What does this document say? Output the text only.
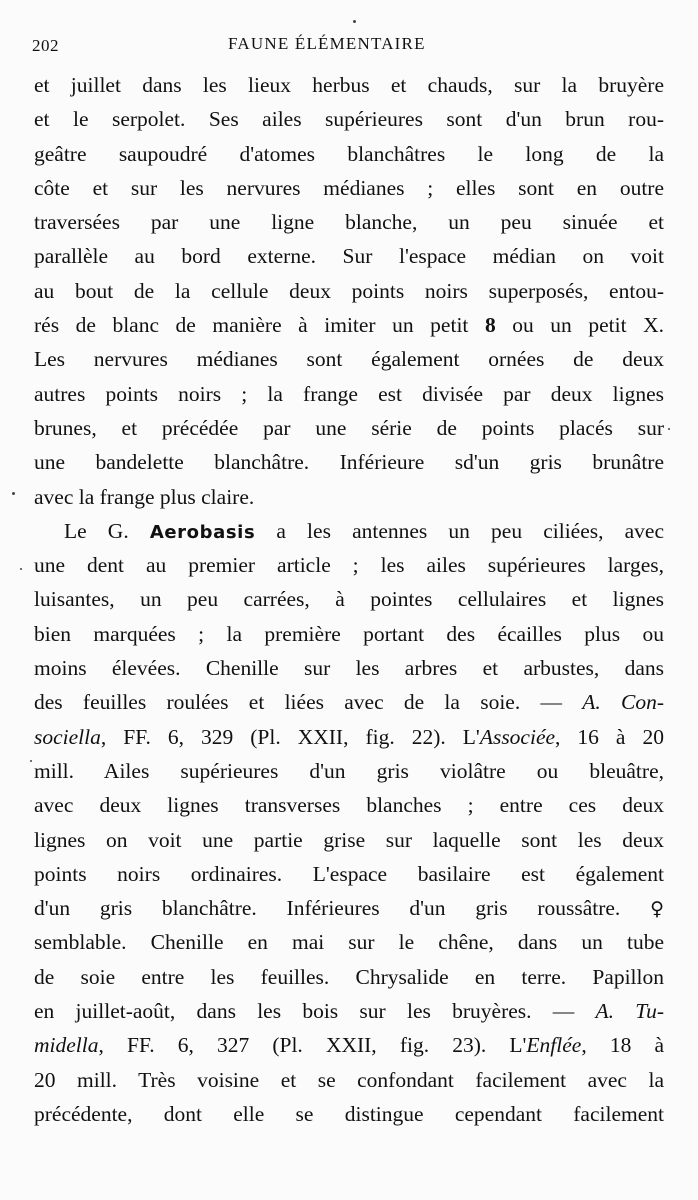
202	FAUNE ÉLÉMENTAIRE
et juillet dans les lieux herbus et chauds, sur la bruyère
et le serpolet. Ses ailes supérieures sont d'un brun rou-
geâtre saupoudré d'atomes blanchâtres le long de la
côte et sur les nervures médianes ; elles sont en outre
traversées par une ligne blanche, un peu sinuée et
parallèle au bord externe. Sur l'espace médian on voit
au bout de la cellule deux points noirs superposés, entou-
rés de blanc de manière à imiter un petit 8 ou un petit X.
Les nervures médianes sont également ornées de deux
autres points noirs ; la frange est divisée par deux lignes
brunes, et précédée par une série de points placés sur
une bandelette blanchâtre. Inférieure sd'un gris brunâtre
avec la frange plus claire.
Le G. Aerobasis a les antennes un peu ciliées, avec
une dent au premier article ; les ailes supérieures larges,
luisantes, un peu carrées, à pointes cellulaires et lignes
bien marquées ; la première portant des écailles plus ou
moins élevées. Chenille sur les arbres et arbustes, dans
des feuilles roulées et liées avec de la soie. — A. Con-
sociella, FF. 6, 329 (Pl. XXII, fig. 22). L'Associée, 16 à 20
mill. Ailes supérieures d'un gris violâtre ou bleuâtre,
avec deux lignes transverses blanches ; entre ces deux
lignes on voit une partie grise sur laquelle sont les deux
points noirs ordinaires. L'espace basilaire est également
d'un gris blanchâtre. Inférieures d'un gris roussâtre. ♀
semblable. Chenille en mai sur le chêne, dans un tube
de soie entre les feuilles. Chrysalide en terre. Papillon
en juillet-août, dans les bois sur les bruyères. — A. Tu-
midella, FF. 6, 327 (Pl. XXII, fig. 23). L'Enflée, 18 à
20 mill. Très voisine et se confondant facilement avec la
précédente, dont elle se distingue cependant facilement
